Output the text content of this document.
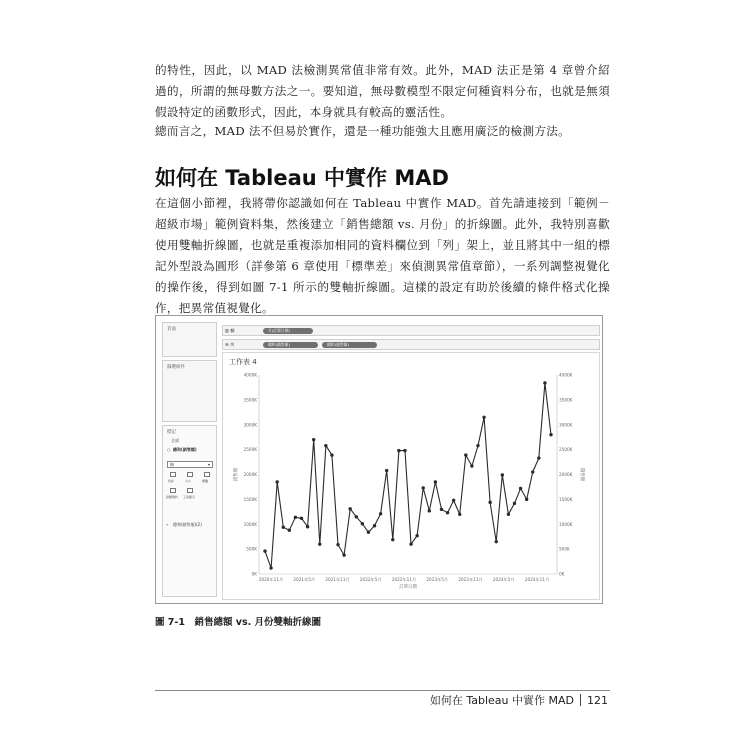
的特性，因此，以 MAD 法檢測異常值非常有效。此外，MAD 法正是第 4 章曾介紹過的，所謂的無母數方法之一。要知道，無母數模型不限定何種資料分布，也就是無須假設特定的函數形式，因此，本身就具有較高的靈活性。

總而言之，MAD 法不但易於實作，還是一種功能強大且應用廣泛的檢測方法。

如何在 Tableau 中實作 MAD

在這個小節裡，我將帶你認識如何在 Tableau 中實作 MAD。首先請連接到「範例－超級市場」範例資料集，然後建立「銷售總額 vs. 月份」的折線圖。此外，我特別喜歡使用雙軸折線圖，也就是重複添加相同的資料欄位到「列」架上，並且將其中一組的標記外型設為圓形（詳參第 6 章使用「標準差」來偵測異常值章節），一系列調整視覺化的操作後，得到如圖 7-1 所示的雙軸折線圖。這樣的設定有助於後續的條件格式化操作，把異常值視覺化。

頁面
篩選條件
標記
全部
○ 總和(銷售額)
線	▾
色彩	大小	標籤
詳細資料 工具提示
⌁ 總和(銷售額)(2)
▥ 欄	月(訂單日期)
☰ 列	總和(銷售額)	總和(銷售額)
工作表 4
0K	0K
500K	500K
1000K	1000K
1500K	1500K
2000K	2000K
2500K	2500K
3000K	3000K
3500K	3500K
4000K	4000K
2020年11月 2021年5月 2021年11月 2022年5月 2022年11月 2023年5月 2023年11月 2024年5月 2024年11月
訂單日期
銷售額	銷售額

圖 7-1　銷售總額 vs. 月份雙軸折線圖

如何在 Tableau 中實作 MAD 121
